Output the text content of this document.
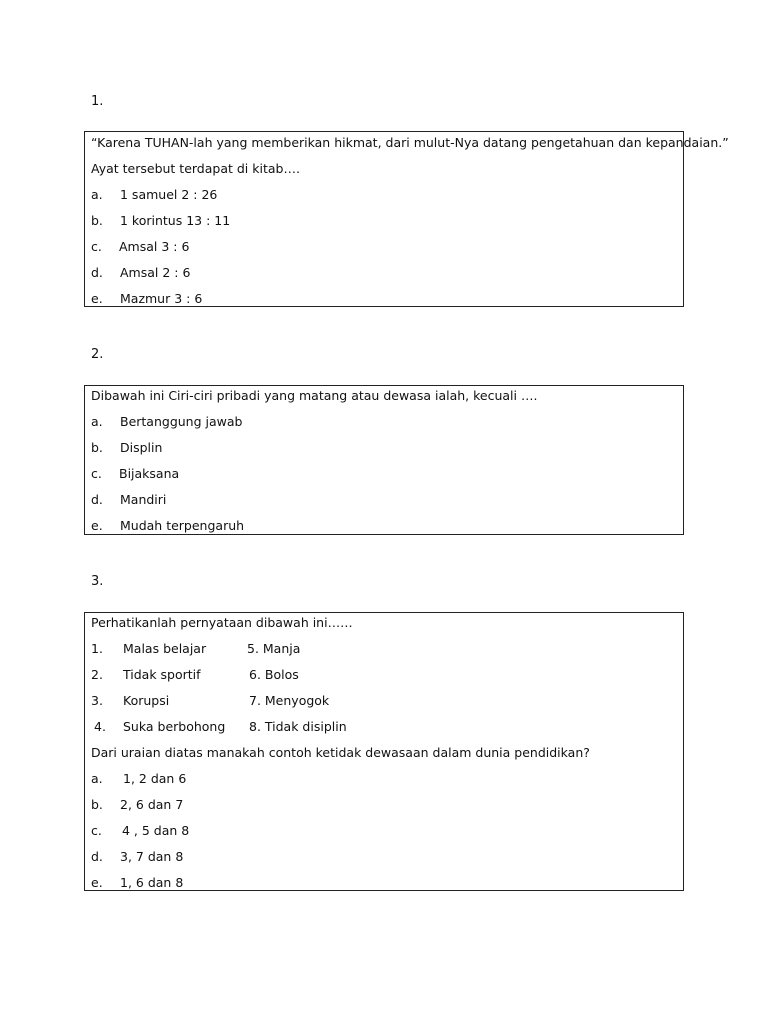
1.
“Karena TUHAN-lah yang memberikan hikmat, dari mulut-Nya datang pengetahuan dan kepandaian.”
Ayat tersebut terdapat di kitab….
a. 1 samuel 2 : 26
b. 1 korintus 13 : 11
c. Amsal 3 : 6
d. Amsal 2 : 6
e. Mazmur 3 : 6
2.
Dibawah ini Ciri-ciri pribadi yang matang atau dewasa ialah, kecuali ….
a. Bertanggung jawab
b. Displin
c. Bijaksana
d. Mandiri
e. Mudah terpengaruh
3.
Perhatikanlah pernyataan dibawah ini……
1. Malas belajar	5. Manja
2. Tidak sportif	6. Bolos
3. Korupsi	7. Menyogok
4. Suka berbohong 8. Tidak disiplin
Dari uraian diatas manakah contoh ketidak dewasaan dalam dunia pendidikan?
a. 1, 2 dan 6
b. 2, 6 dan 7
c. 4 , 5 dan 8
d. 3, 7 dan 8
e. 1, 6 dan 8
